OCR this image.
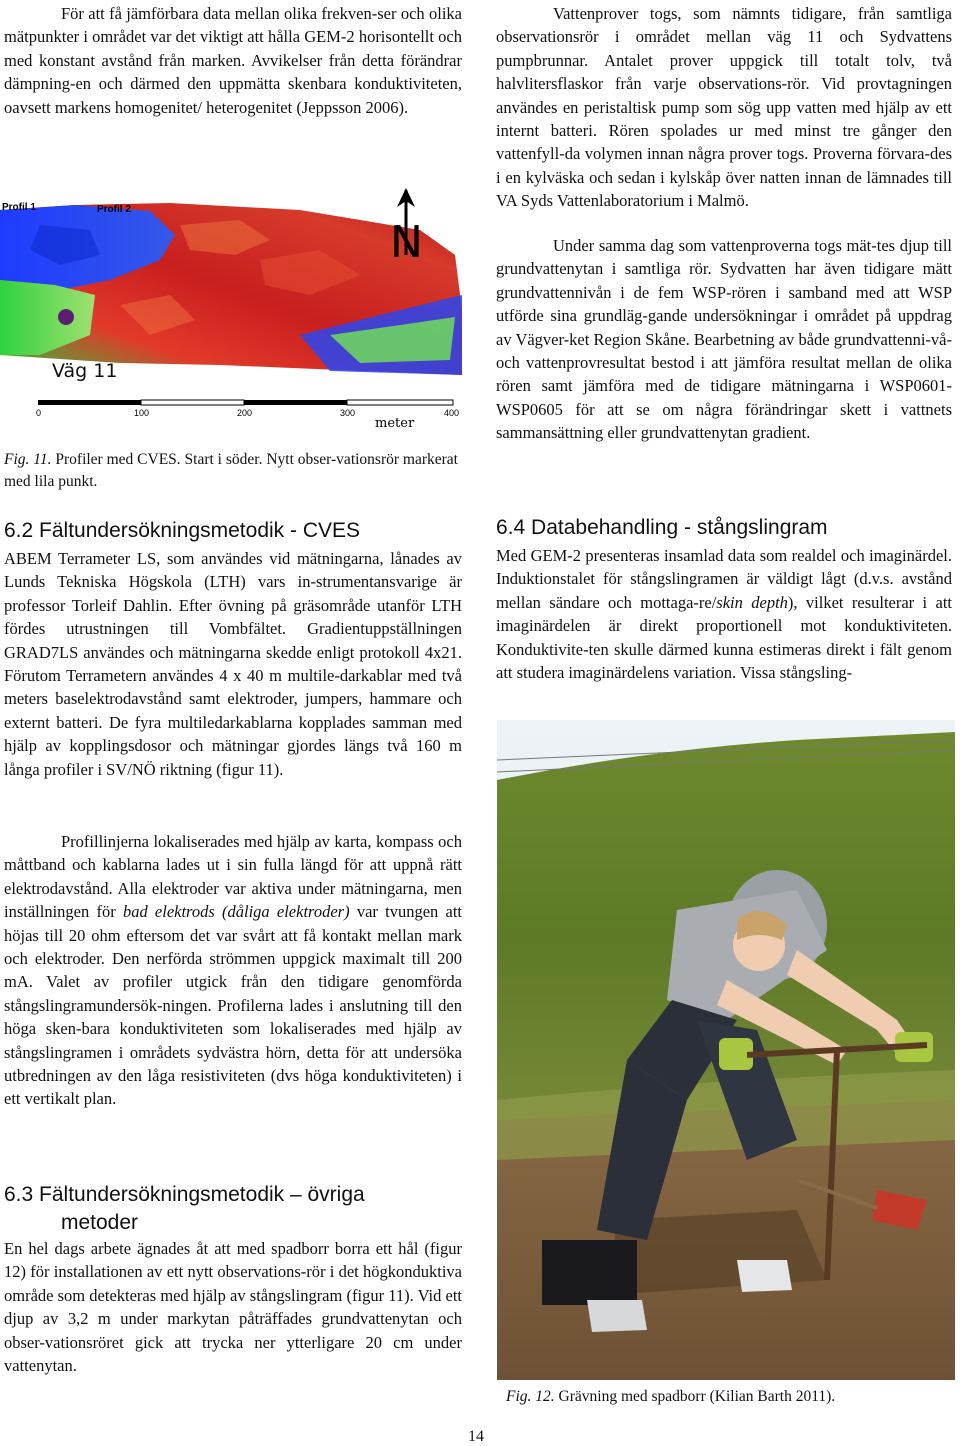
För att få jämförbara data mellan olika frekven-ser och olika mätpunkter i området var det viktigt att hålla GEM-2 horisontellt och med konstant avstånd från marken. Avvikelser från detta förändrar dämpning-en och därmed den uppmätta skenbara konduktiviteten, oavsett markens homogenitet/ heterogenitet (Jeppsson 2006).

Profil 1	Profil 2
Väg 11
N
0	100	200	300	400
meter
Fig. 11. Profiler med CVES. Start i söder. Nytt obser-vationsrör markerat med lila punkt.
6.2 Fältundersökningsmetodik - CVES

ABEM Terrameter LS, som användes vid mätningarna, lånades av Lunds Tekniska Högskola (LTH) vars in-strumentansvarige är professor Torleif Dahlin. Efter övning på gräsområde utanför LTH fördes utrustningen till Vombfältet. Gradientuppställningen GRAD7LS användes och mätningarna skedde enligt protokoll 4x21. Förutom Terrametern användes 4 x 40 m multile-darkablar med två meters baselektrodavstånd samt elektroder, jumpers, hammare och externt batteri. De fyra multiledarkablarna kopplades samman med hjälp av kopplingsdosor och mätningar gjordes längs två 160 m långa profiler i SV/NÖ riktning (figur 11).

Profillinjerna lokaliserades med hjälp av karta, kompass och måttband och kablarna lades ut i sin fulla längd för att uppnå rätt elektrodavstånd. Alla elektroder var aktiva under mätningarna, men inställningen för bad elektrods (dåliga elektroder) var tvungen att höjas till 20 ohm eftersom det var svårt att få kontakt mellan mark och elektroder. Den nerförda strömmen uppgick maximalt till 200 mA. Valet av profiler utgick från den tidigare genomförda stångslingramundersök-ningen. Profilerna lades i anslutning till den höga sken-bara konduktiviteten som lokaliserades med hjälp av stångslingramen i områdets sydvästra hörn, detta för att undersöka utbredningen av den låga resistiviteten (dvs höga konduktiviteten) i ett vertikalt plan.

6.3 Fältundersökningsmetodik – övriga
metoder

En hel dags arbete ägnades åt att med spadborr borra ett hål (figur 12) för installationen av ett nytt observations-rör i det högkonduktiva område som detekteras med hjälp av stångslingram (figur 11). Vid ett djup av 3,2 m under markytan påträffades grundvattenytan och obser-vationsröret gick att trycka ner ytterligare 20 cm under vattenytan.

Vattenprover togs, som nämnts tidigare, från samtliga observationsrör i området mellan väg 11 och Sydvattens pumpbrunnar. Antalet prover uppgick till totalt tolv, två halvlitersflaskor från varje observations-rör. Vid provtagningen användes en peristaltisk pump som sög upp vatten med hjälp av ett internt batteri. Rören spolades ur med minst tre gånger den vattenfyll-da volymen innan några prover togs. Proverna förvara-des i en kylväska och sedan i kylskåp över natten innan de lämnades till VA Syds Vattenlaboratorium i Malmö.

Under samma dag som vattenproverna togs mät-tes djup till grundvattenytan i samtliga rör. Sydvatten har även tidigare mätt grundvattennivån i de fem WSP-rören i samband med att WSP utförde sina grundläg-gande undersökningar i området på uppdrag av Vägver-ket Region Skåne. Bearbetning av både grundvattenni-vå- och vattenprovresultat bestod i att jämföra resultat mellan de olika rören samt jämföra med de tidigare mätningarna i WSP0601-WSP0605 för att se om några förändringar skett i vattnets sammansättning eller grundvattenytan gradient.

6.4 Databehandling - stångslingram

Med GEM-2 presenteras insamlad data som realdel och imaginärdel. Induktionstalet för stångslingramen är väldigt lågt (d.v.s. avstånd mellan sändare och mottaga-re/skin depth), vilket resulterar i att imaginärdelen är direkt proportionell mot konduktiviteten. Konduktivite-ten skulle därmed kunna estimeras direkt i fält genom att studera imaginärdelens variation. Vissa stångsling-

Fig. 12. Grävning med spadborr (Kilian Barth 2011).
14
